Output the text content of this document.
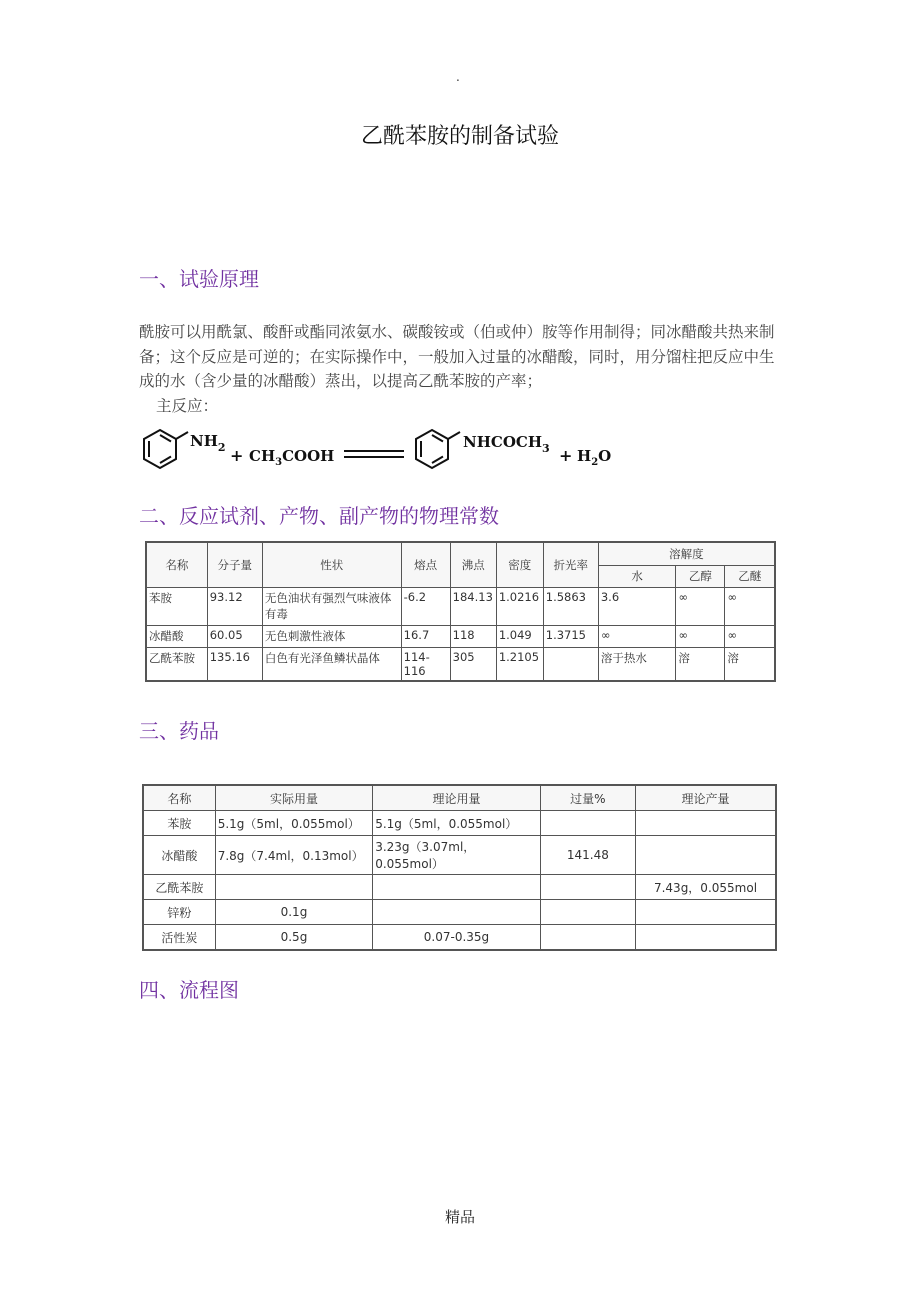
.
乙酰苯胺的制备试验
一、试验原理
酰胺可以用酰氯、酸酐或酯同浓氨水、碳酸铵或（伯或仲）胺等作用制得；同冰醋酸共热来制备；这个反应是可逆的；在实际操作中，一般加入过量的冰醋酸，同时，用分馏柱把反应中生成的水（含少量的冰醋酸）蒸出，以提高乙酰苯胺的产率；
主反应：
$NH_2$ + $CH_3COOH$
$NHCOCH_3 + H_2O$
二、反应试剂、产物、副产物的物理常数
名称	分子量	性状	熔点	沸点	密度	折光率	溶解度		
							水	乙醇	乙醚
苯胺	93.12	无色油状有强烈气味液体有毒	-6.2	184.13	1.0216	1.5863	3.6	∞	∞
冰醋酸	60.05	无色刺激性液体	16.7	118	1.049	1.3715	∞	∞	∞
乙酰苯胺	135.16	白色有光泽鱼鳞状晶体	114-116	305	1.2105		溶于热水	溶	溶
三、药品
名称	实际用量	理论用量	过量%	理论产量
苯胺	5.1g（5ml，0.055mol）	5.1g（5ml，0.055mol）		
冰醋酸	7.8g（7.4ml，0.13mol）	3.23g（3.07ml，0.055mol）	141.48	
乙酰苯胺				7.43g，0.055mol
锌粉	0.1g			
活性炭	0.5g	0.07-0.35g		
四、流程图
精品
